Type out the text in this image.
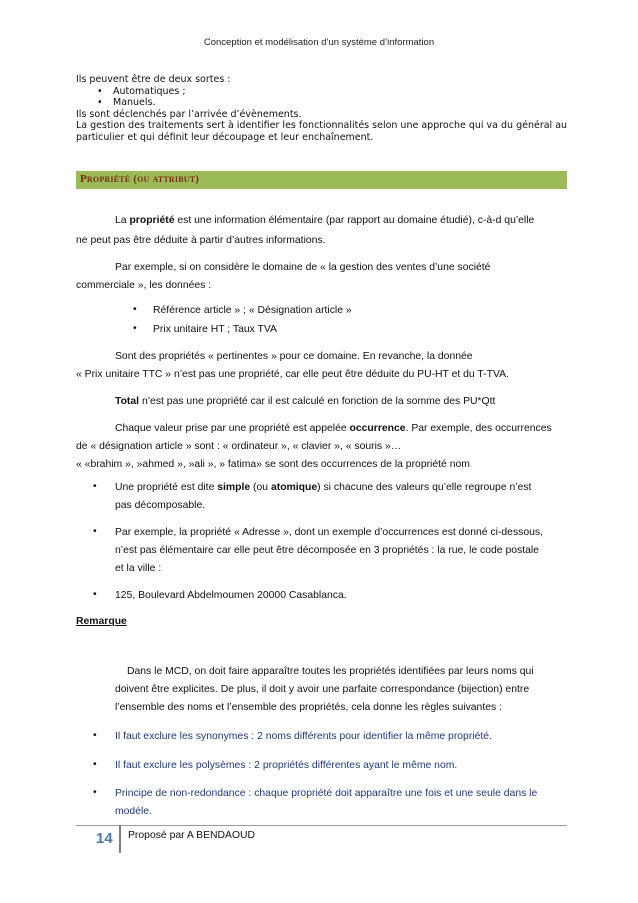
Conception et modélisation d’un système d’information
Ils peuvent être de deux sortes :
• Automatiques ;
• Manuels.
Ils sont déclenchés par l’arrivée d’évènements.
La gestion des traitements sert à identifier les fonctionnalités selon une approche qui va du général au
particulier et qui définit leur découpage et leur enchaînement.
Propriété (ou attribut)
La propriété est une information élémentaire (par rapport au domaine étudié), c-à-d qu’elle
ne peut pas être déduite à partir d’autres informations.
Par exemple, si on considère le domaine de « la gestion des ventes d’une société
commerciale », les données :
• Référence article » ; « Désignation article »
• Prix unitaire HT ; Taux TVA
Sont des propriétés « pertinentes » pour ce domaine. En revanche, la donnée
« Prix unitaire TTC » n’est pas une propriété, car elle peut être déduite du PU-HT et du T-TVA.
Total n’est pas une propriété car il est calculé en fonction de la somme des PU*Qtt
Chaque valeur prise par une propriété est appelée occurrence. Par exemple, des occurrences
de « désignation article » sont : « ordinateur », « clavier », « souris »…
« «brahim », »ahmed », »ali », » fatima» se sont des occurrences de la propriété nom
• Une propriété est dite simple (ou atomique) si chacune des valeurs qu’elle regroupe n’est
pas décomposable.
• Par exemple, la propriété « Adresse », dont un exemple d’occurrences est donné ci-dessous,
n’est pas élémentaire car elle peut être décomposée en 3 propriétés : la rue, le code postale
et la ville :
• 125, Boulevard Abdelmoumen 20000 Casablanca.
Remarque
Dans le MCD, on doit faire apparaître toutes les propriétés identifiées par leurs noms qui
doivent être explicites. De plus, il doit y avoir une parfaite correspondance (bijection) entre
l’ensemble des noms et l’ensemble des propriétés, cela donne les règles suivantes :
• Il faut exclure les synonymes : 2 noms différents pour identifier la même propriété.
• Il faut exclure les polysèmes : 2 propriétés différentes ayant le même nom.
• Principe de non-redondance : chaque propriété doit apparaître une fois et une seule dans le
modèle.
14 Proposé par A BENDAOUD
